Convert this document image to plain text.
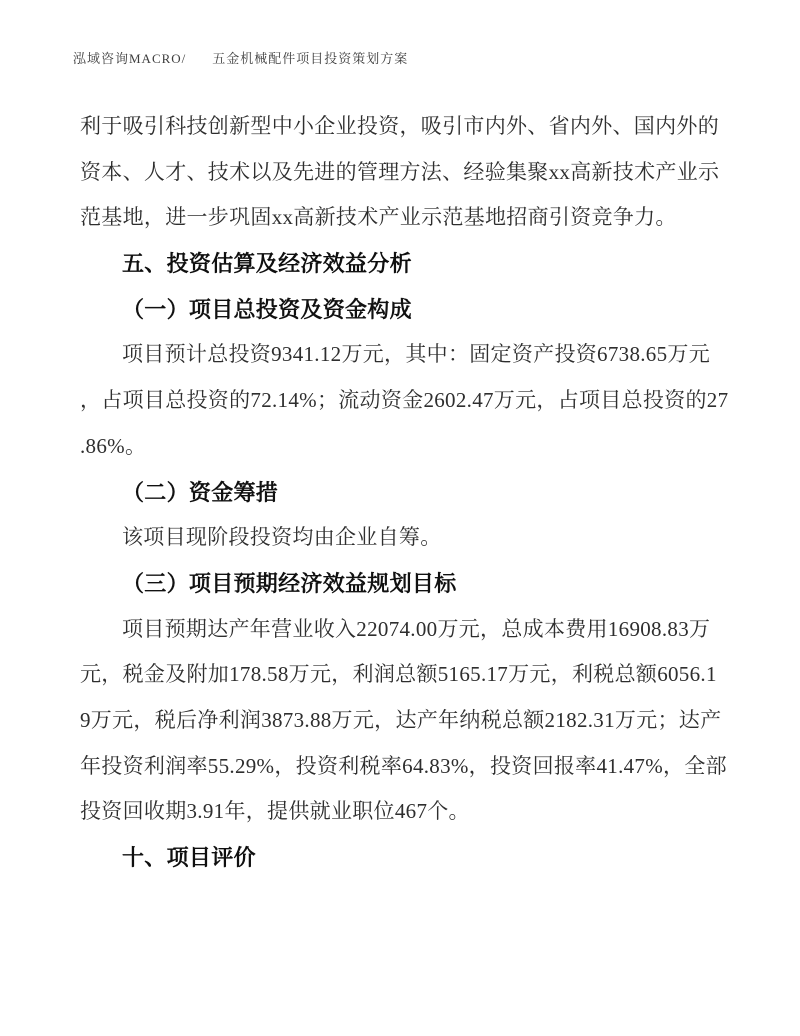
泓域咨询MACRO/ 五金机械配件项目投资策划方案

利于吸引科技创新型中小企业投资，吸引市内外、省内外、国内外的

资本、人才、技术以及先进的管理方法、经验集聚xx高新技术产业示

范基地，进一步巩固xx高新技术产业示范基地招商引资竞争力。

五、投资估算及经济效益分析

（一）项目总投资及资金构成

项目预计总投资9341.12万元，其中：固定资产投资6738.65万元

，占项目总投资的72.14%；流动资金2602.47万元，占项目总投资的27

.86%。

（二）资金筹措

该项目现阶段投资均由企业自筹。

（三）项目预期经济效益规划目标

项目预期达产年营业收入22074.00万元，总成本费用16908.83万

元，税金及附加178.58万元，利润总额5165.17万元，利税总额6056.1

9万元，税后净利润3873.88万元，达产年纳税总额2182.31万元；达产

年投资利润率55.29%，投资利税率64.83%，投资回报率41.47%，全部

投资回收期3.91年，提供就业职位467个。

十、项目评价
